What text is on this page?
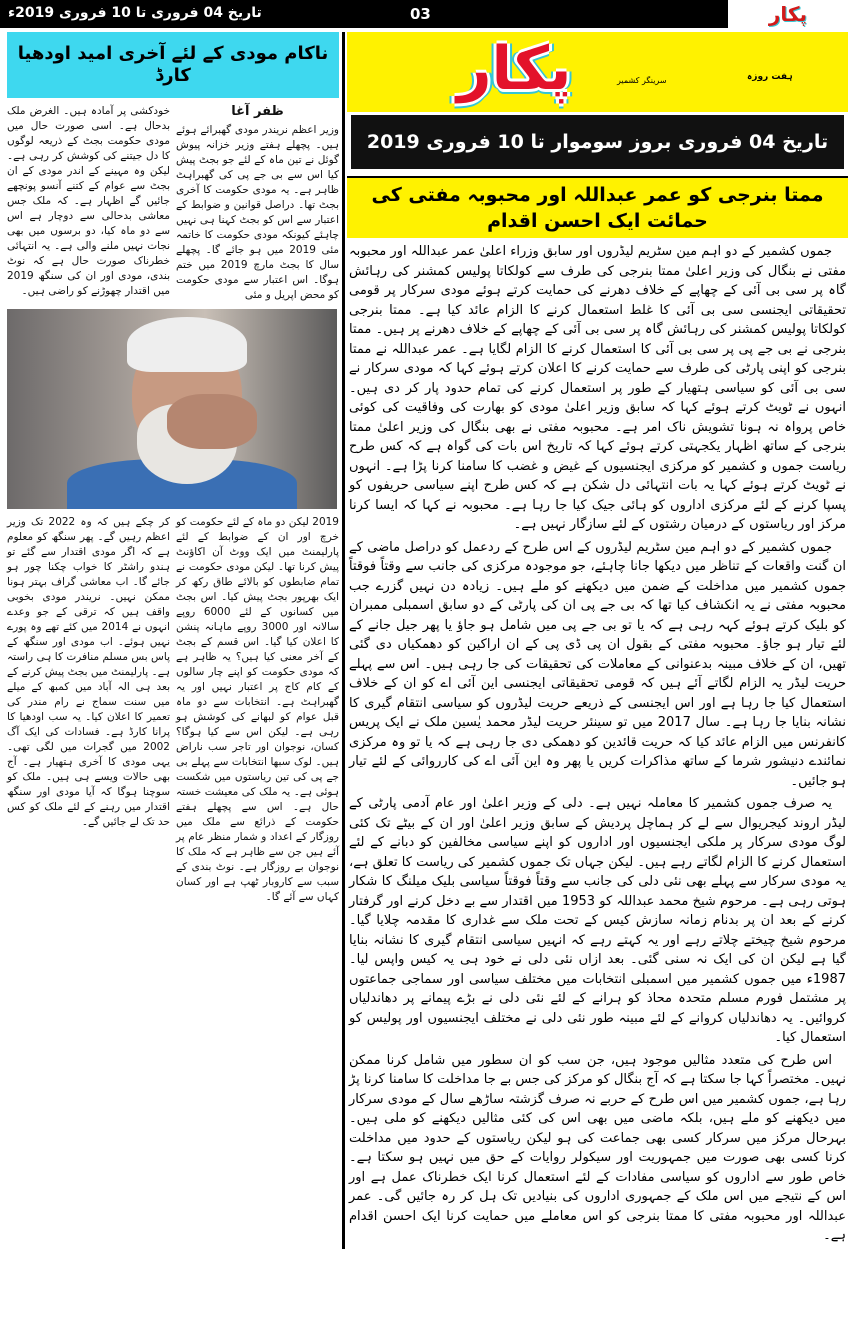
تاریخ 04 فروری تا 10 فروری 2019ء	03	پکار
پکار	ہفت روزہ
سرینگر کشمیر
تاریخ 04 فروری بروز سوموار تا 10 فروری 2019
ممتا بنرجی کو عمر عبداللہ اور محبوبہ مفتی کی حمائت ایک احسن اقدام

جموں کشمیر کے دو اہم مین سٹریم لیڈروں اور سابق وزراء اعلیٰ عمر عبداللہ اور محبوبہ مفتی نے بنگال کی وزیر اعلیٰ ممتا بنرجی کی طرف سے کولکاتا پولیس کمشنر کی رہائش گاہ پر سی بی آئی کے چھاپے کے خلاف دھرنے کی حمایت کرتے ہوئے مودی سرکار پر قومی تحقیقاتی ایجنسی سی بی آئی کا غلط استعمال کرنے کا الزام عائد کیا ہے۔ ممتا بنرجی کولکاتا پولیس کمشنر کی رہائش گاہ پر سی بی آئی کے چھاپے کے خلاف دھرنے پر ہیں۔ ممتا بنرجی نے بی جے پی پر سی بی آئی کا استعمال کرنے کا الزام لگایا ہے۔ عمر عبداللہ نے ممتا بنرجی کو اپنی پارٹی کی طرف سے حمایت کرنے کا اعلان کرتے ہوئے کہا کہ مودی سرکار نے سی بی آئی کو سیاسی ہتھیار کے طور پر استعمال کرنے کی تمام حدود پار کر دی ہیں۔ انہوں نے ٹویٹ کرتے ہوئے کہا کہ سابق وزیر اعلیٰ مودی کو بھارت کی وفاقیت کی کوئی خاص پرواہ نہ ہونا تشویش ناک امر ہے۔ محبوبہ مفتی نے بھی بنگال کی وزیر اعلیٰ ممتا بنرجی کے ساتھ اظہار یکجہتی کرتے ہوئے کہا کہ تاریخ اس بات کی گواہ ہے کہ کس طرح ریاست جموں و کشمیر کو مرکزی ایجنسیوں کے غیض و غضب کا سامنا کرنا پڑا ہے۔ انہوں نے ٹویٹ کرتے ہوئے کہا یہ بات انتہائی دل شکن ہے کہ کس طرح اپنے سیاسی حریفوں کو پسپا کرنے کے لئے مرکزی اداروں کو ہائی جیک کیا جا رہا ہے۔ محبوبہ نے کہا کہ ایسا کرنا مرکز اور ریاستوں کے درمیان رشتوں کے لئے سازگار نہیں ہے۔

جموں کشمیر کے دو اہم مین سٹریم لیڈروں کے اس طرح کے ردعمل کو دراصل ماضی کے ان گنت واقعات کے تناظر میں دیکھا جانا چاہئے، جو موجودہ مرکزی کی جانب سے وقتاً فوقتاً جموں کشمیر میں مداخلت کے ضمن میں دیکھنے کو ملے ہیں۔ زیادہ دن نہیں گزرے جب محبوبہ مفتی نے یہ انکشاف کیا تھا کہ بی جے پی ان کی پارٹی کے دو سابق اسمبلی ممبران کو بلیک کرتے ہوئے کہہ رہی ہے کہ یا تو بی جے پی میں شامل ہو جاؤ یا پھر جیل جانے کے لئے تیار ہو جاؤ۔ محبوبہ مفتی کے بقول ان پی ڈی پی کے ان اراکین کو دھمکیاں دی گئی تھیں، ان کے خلاف مبینہ بدعنوانی کے معاملات کی تحقیقات کی جا رہی ہیں۔ اس سے پہلے حریت لیڈر یہ الزام لگاتے آئے ہیں کہ قومی تحقیقاتی ایجنسی این آئی اے کو ان کے خلاف استعمال کیا جا رہا ہے اور اس ایجنسی کے ذریعے حریت لیڈروں کو سیاسی انتقام گیری کا نشانہ بنایا جا رہا ہے۔ سال 2017 میں تو سینئر حریت لیڈر محمد یٰسین ملک نے ایک پریس کانفرنس میں الزام عائد کیا کہ حریت قائدین کو دھمکی دی جا رہی ہے کہ یا تو وہ مرکزی نمائندے دنیشور شرما کے ساتھ مذاکرات کریں یا پھر وہ این آئی اے کی کارروائی کے لئے تیار ہو جائیں۔

یہ صرف جموں کشمیر کا معاملہ نہیں ہے۔ دلی کے وزیر اعلیٰ اور عام آدمی پارٹی کے لیڈر اروند کیجریوال سے لے کر ہماچل پردیش کے سابق وزیر اعلیٰ اور ان کے بیٹے تک کئی لوگ مودی سرکار پر ملکی ایجنسیوں اور اداروں کو اپنے سیاسی مخالفین کو دبانے کے لئے استعمال کرنے کا الزام لگاتے رہے ہیں۔ لیکن جہاں تک جموں کشمیر کی ریاست کا تعلق ہے، یہ مودی سرکار سے پہلے بھی نئی دلی کی جانب سے وقتاً فوقتاً سیاسی بلیک میلنگ کا شکار ہوتی رہی ہے۔ مرحوم شیخ محمد عبداللہ کو 1953 میں اقتدار سے بے دخل کرنے اور گرفتار کرنے کے بعد ان پر بدنام زمانہ سازش کیس کے تحت ملک سے غداری کا مقدمہ چلایا گیا۔ مرحوم شیخ چیختے چلاتے رہے اور یہ کہتے رہے کہ انہیں سیاسی انتقام گیری کا نشانہ بنایا گیا ہے لیکن ان کی ایک نہ سنی گئی۔ بعد ازاں نئی دلی نے خود ہی یہ کیس واپس لیا۔ 1987ء میں جموں کشمیر میں اسمبلی انتخابات میں مختلف سیاسی اور سماجی جماعتوں پر مشتمل فورم مسلم متحدہ محاذ کو ہرانے کے لئے نئی دلی نے بڑے پیمانے پر دھاندلیاں کروائیں۔ یہ دھاندلیاں کروانے کے لئے مبینہ طور نئی دلی نے مختلف ایجنسیوں اور پولیس کو استعمال کیا۔

اس طرح کی متعدد مثالیں موجود ہیں، جن سب کو ان سطور میں شامل کرنا ممکن نہیں۔ مختصراً کہا جا سکتا ہے کہ آج بنگال کو مرکز کی جس بے جا مداخلت کا سامنا کرنا پڑ رہا ہے، جموں کشمیر میں اس طرح کے حربے نہ صرف گزشتہ ساڑھے سال کے مودی سرکار میں دیکھنے کو ملے ہیں، بلکہ ماضی میں بھی اس کی کئی مثالیں دیکھنے کو ملی ہیں۔ بہرحال مرکز میں سرکار کسی بھی جماعت کی ہو لیکن ریاستوں کے حدود میں مداخلت کرنا کسی بھی صورت میں جمہوریت اور سیکولر روایات کے حق میں نہیں ہو سکتا ہے۔ خاص طور سے اداروں کو سیاسی مفادات کے لئے استعمال کرنا ایک خطرناک عمل ہے اور اس کے نتیجے میں اس ملک کے جمہوری اداروں کی بنیادیں تک ہل کر رہ جائیں گی۔ عمر عبداللہ اور محبوبہ مفتی کا ممتا بنرجی کو اس معاملے میں حمایت کرنا ایک احسن اقدام ہے۔

ناکام مودی کے لئے آخری امید اودھیا کارڈ
ظفر آغا
وزیر اعظم نریندر مودی گھبرائے ہوئے ہیں۔ پچھلے ہفتے وزیر خزانہ پیوش گوئل نے تین ماہ کے لئے جو بجٹ پیش کیا اس سے بی جے پی کی گھبراہٹ ظاہر ہے۔ یہ مودی حکومت کا آخری بجٹ تھا۔ دراصل قوانین و ضوابط کے اعتبار سے اس کو بجٹ کہنا ہی نہیں چاہئے کیونکہ مودی حکومت کا خاتمہ مئی 2019 میں ہو جائے گا۔ پچھلے سال کا بجٹ مارچ 2019 میں ختم ہوگا۔ اس اعتبار سے مودی حکومت کو محض اپریل و مئی
خودکشی پر آمادہ ہیں۔ الغرض ملک بدحال ہے۔ اسی صورت حال میں مودی حکومت بجٹ کے ذریعہ لوگوں کا دل جیتنے کی کوشش کر رہی ہے۔ لیکن وہ مہینے کے اندر مودی کے ان بجٹ سے عوام کے کتنے آنسو پونچھے جائیں گے اظہار ہے۔ کہ ملک جس معاشی بدحالی سے دوچار ہے اس سے دو ماہ کیا، دو برسوں میں بھی نجات نہیں ملنے والی ہے۔ یہ انتہائی خطرناک صورت حال ہے کہ نوٹ بندی، مودی اور ان کی سنگھ 2019 میں اقتدار چھوڑنے کو راضی ہیں۔
2019 لیکن دو ماہ کے لئے حکومت کو خرچ اور ان کے ضوابط کے لئے پارلیمنٹ میں ایک ووٹ آن اکاؤنٹ پیش کرنا تھا۔ لیکن مودی حکومت نے تمام ضابطوں کو بالائے طاق رکھ کر ایک بھرپور بجٹ پیش کیا۔ اس بجٹ میں کسانوں کے لئے 6000 روپے سالانہ اور 3000 روپے ماہانہ پنشن کا اعلان کیا گیا۔ اس قسم کے بجٹ کے آخر معنی کیا ہیں؟ یہ ظاہر ہے کہ مودی حکومت کو اپنے چار سالوں کے کام کاج پر اعتبار نہیں اور یہ گھبراہٹ ہے۔ انتخابات سے دو ماہ قبل عوام کو لبھانے کی کوشش ہو رہی ہے۔ لیکن اس سے کیا ہوگا؟ کسان، نوجوان اور تاجر سب ناراض ہیں۔ لوک سبھا انتخابات سے پہلے بی جے پی کی تین ریاستوں میں شکست ہوئی ہے۔ یہ ملک کی معیشت خستہ حال ہے۔ اس سے پچھلے ہفتے حکومت کے ذرائع سے ملک میں روزگار کے اعداد و شمار منظر عام پر آئے ہیں جن سے ظاہر ہے کہ ملک کا نوجوان بے روزگار ہے۔ نوٹ بندی کے سبب سے کاروبار ٹھپ ہے اور کسان کہاں سے آئے گا۔
کر چکے ہیں کہ وہ 2022 تک وزیر اعظم رہیں گے۔ پھر سنگھ کو معلوم ہے کہ اگر مودی اقتدار سے گئے تو ہندو راشٹر کا خواب چکنا چور ہو جائے گا۔ اب معاشی گراف بہتر ہونا ممکن نہیں۔ نریندر مودی بخوبی واقف ہیں کہ ترقی کے جو وعدے انہوں نے 2014 میں کئے تھے وہ پورے نہیں ہوئے۔ اب مودی اور سنگھ کے پاس بس مسلم منافرت کا ہی راستہ ہے۔ پارلیمنٹ میں بجٹ پیش کرنے کے بعد ہی الہ آباد میں کمبھ کے میلے میں سنت سماج نے رام مندر کی تعمیر کا اعلان کیا۔ یہ سب اودھیا کا پرانا کارڈ ہے۔ فسادات کی ایک آگ 2002 میں گجرات میں لگی تھی۔ یہی مودی کا آخری ہتھیار ہے۔ آج بھی حالات ویسے ہی ہیں۔ ملک کو سوچنا ہوگا کہ آیا مودی اور سنگھ اقتدار میں رہنے کے لئے ملک کو کس حد تک لے جائیں گے۔
